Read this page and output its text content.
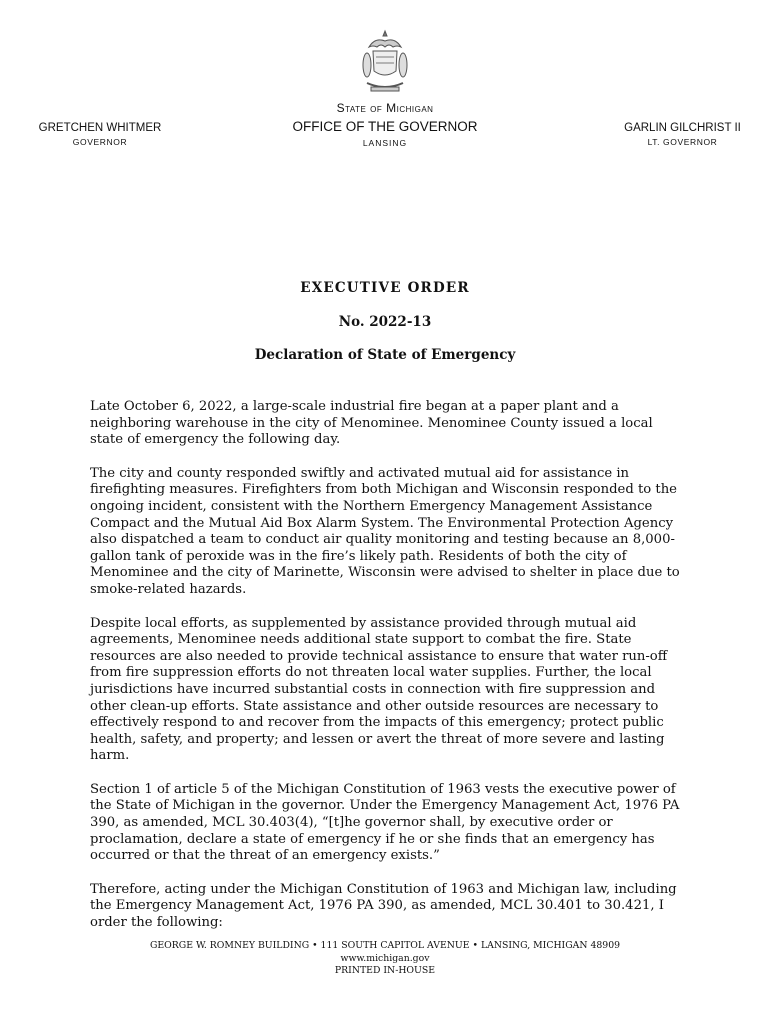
State of Michigan
OFFICE OF THE GOVERNOR
LANSING
GRETCHEN WHITMER
GOVERNOR
GARLIN GILCHRIST II
LT. GOVERNOR
EXECUTIVE ORDER
No. 2022-13
Declaration of State of Emergency

Late October 6, 2022, a large-scale industrial fire began at a paper plant and a neighboring warehouse in the city of Menominee. Menominee County issued a local state of emergency the following day.

The city and county responded swiftly and activated mutual aid for assistance in firefighting measures. Firefighters from both Michigan and Wisconsin responded to the ongoing incident, consistent with the Northern Emergency Management Assistance Compact and the Mutual Aid Box Alarm System. The Environmental Protection Agency also dispatched a team to conduct air quality monitoring and testing because an 8,000-gallon tank of peroxide was in the fire’s likely path. Residents of both the city of Menominee and the city of Marinette, Wisconsin were advised to shelter in place due to smoke-related hazards.

Despite local efforts, as supplemented by assistance provided through mutual aid agreements, Menominee needs additional state support to combat the fire. State resources are also needed to provide technical assistance to ensure that water run-off from fire suppression efforts do not threaten local water supplies. Further, the local jurisdictions have incurred substantial costs in connection with fire suppression and other clean-up efforts. State assistance and other outside resources are necessary to effectively respond to and recover from the impacts of this emergency; protect public health, safety, and property; and lessen or avert the threat of more severe and lasting harm.

Section 1 of article 5 of the Michigan Constitution of 1963 vests the executive power of the State of Michigan in the governor. Under the Emergency Management Act, 1976 PA 390, as amended, MCL 30.403(4), “[t]he governor shall, by executive order or proclamation, declare a state of emergency if he or she finds that an emergency has occurred or that the threat of an emergency exists.”

Therefore, acting under the Michigan Constitution of 1963 and Michigan law, including the Emergency Management Act, 1976 PA 390, as amended, MCL 30.401 to 30.421, I order the following:

GEORGE W. ROMNEY BUILDING • 111 SOUTH CAPITOL AVENUE • LANSING, MICHIGAN 48909
www.michigan.gov
PRINTED IN-HOUSE
